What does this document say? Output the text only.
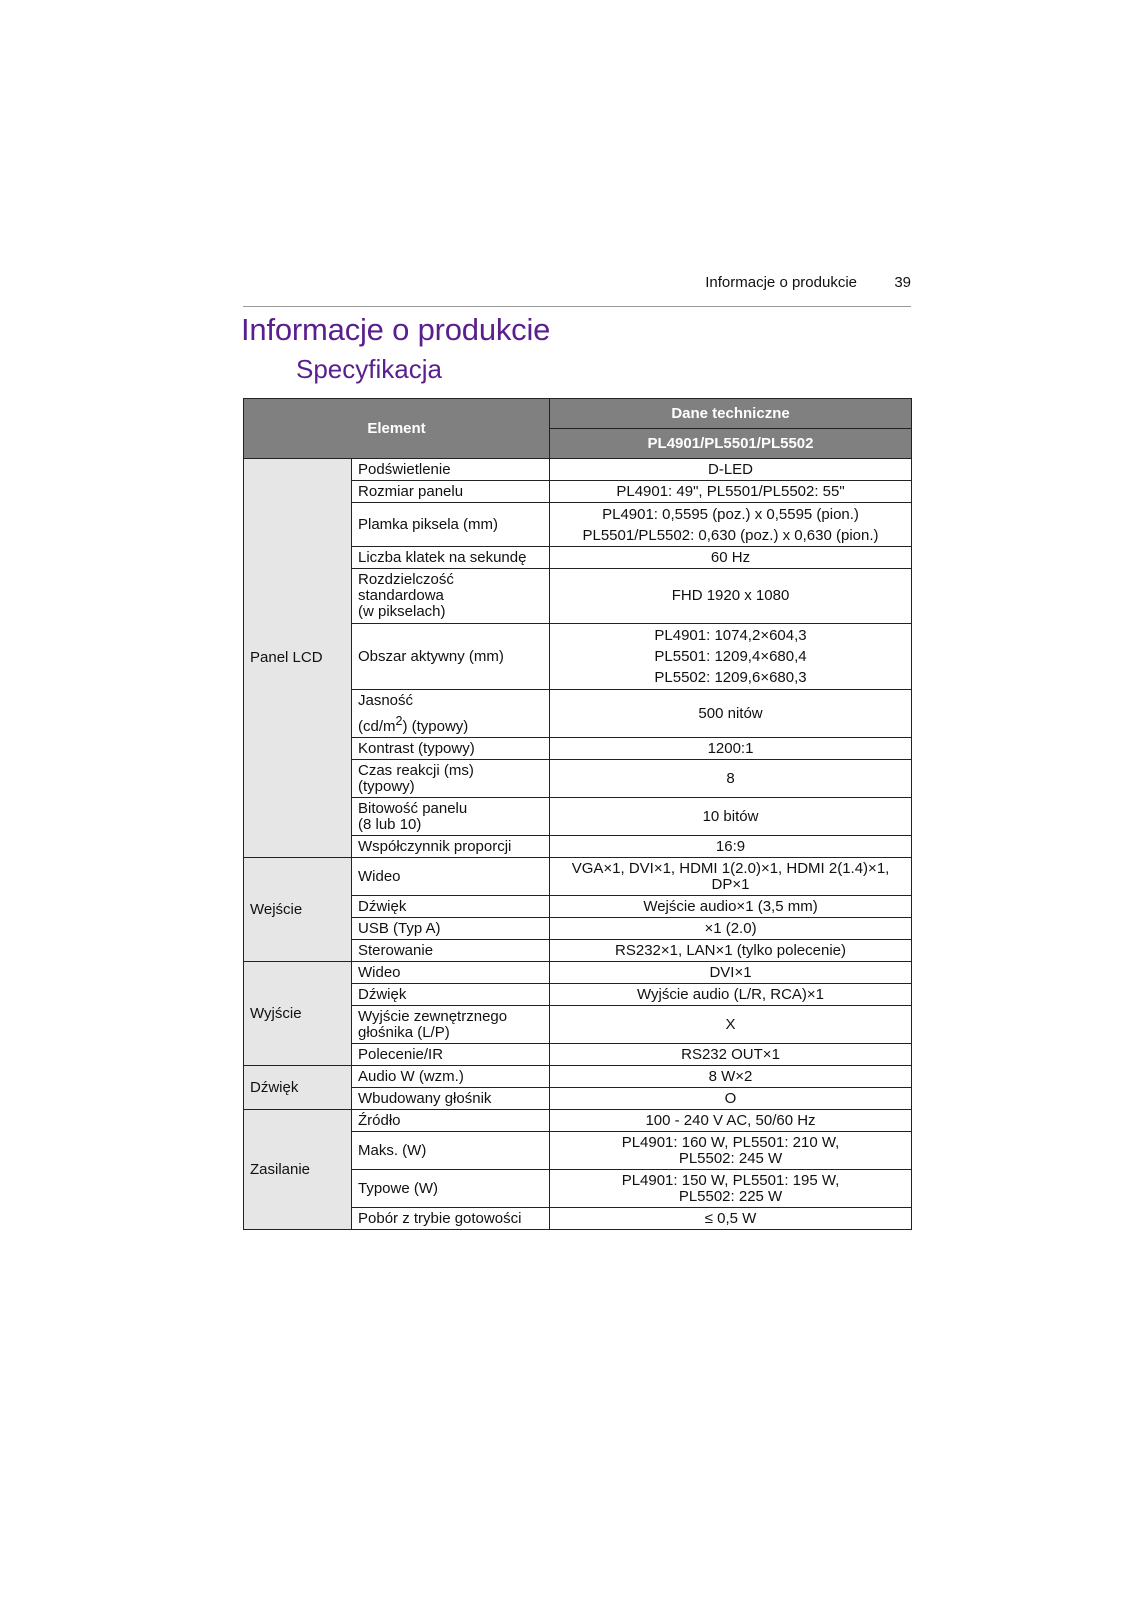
Informacje o produkcie 39
Informacje o produkcie
Specyfikacja
Element		Dane techniczne
		PL4901/PL5501/PL5502
Panel LCD	Podświetlenie	D-LED
	Rozmiar panelu	PL4901: 49", PL5501/PL5502: 55"
	Plamka piksela (mm)	PL4901: 0,5595 (poz.) x 0,5595 (pion.)
PL5501/PL5502: 0,630 (poz.) x 0,630 (pion.)

	Liczba klatek na sekundę	60 Hz

	Rozdzielczość
standardowa
(w pikselach)	FHD 1920 x 1080
	Obszar aktywny (mm)	PL4901: 1074,2×604,3
PL5501: 1209,4×680,4
PL5502: 1209,6×680,3

	Jasność
$(cd/m^2)$ (typowy)	500 nitów
	Kontrast (typowy)	1200:1

	Czas reakcji (ms)
(typowy)	8

	Bitowość panelu
(8 lub 10)	10 bitów
	Współczynnik proporcji	16:9
Wejście	Wideo	VGA×1, DVI×1, HDMI 1(2.0)×1, HDMI 2(1.4)×1,
DP×1

	Dźwięk	Wejście audio×1 (3,5 mm)
	USB (Typ A)	×1 (2.0)
	Sterowanie	RS232×1, LAN×1 (tylko polecenie)
Wyjście	Wideo	DVI×1
	Dźwięk	Wyjście audio (L/R, RCA)×1

	Wyjście zewnętrznego
głośnika (L/P)	X
	Polecenie/IR	RS232 OUT×1
Dźwięk	Audio W (wzm.)	8 W×2
	Wbudowany głośnik	O
Zasilanie	Źródło	100 - 240 V AC, 50/60 Hz
	Maks. (W)	PL4901: 160 W, PL5501: 210 W,
PL5502: 245 W

	Typowe (W)	PL4901: 150 W, PL5501: 195 W,
PL5502: 225 W

	Pobór z trybie gotowości	≤ 0,5 W
